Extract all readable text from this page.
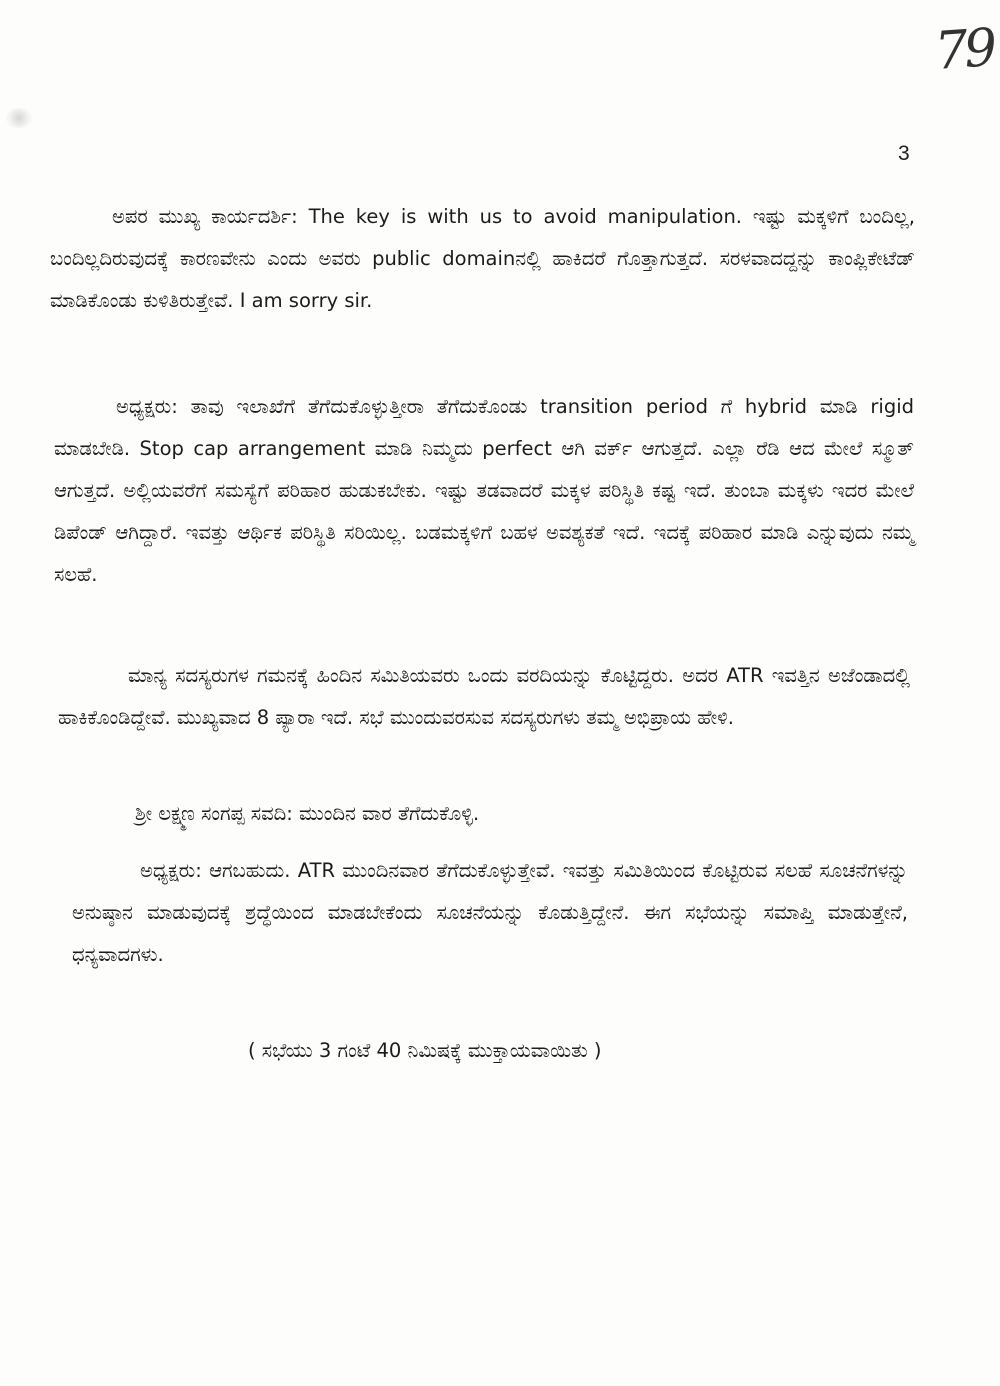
79
3

ಅಪರ ಮುಖ್ಯ ಕಾರ್ಯದರ್ಶಿ: The key is with us to avoid manipulation. ಇಷ್ಟು ಮಕ್ಕಳಿಗೆ ಬಂದಿಲ್ಲ, ಬಂದಿಲ್ಲದಿರುವುದಕ್ಕೆ ಕಾರಣವೇನು ಎಂದು ಅವರು public domainನಲ್ಲಿ ಹಾಕಿದರೆ ಗೊತ್ತಾಗುತ್ತದೆ. ಸರಳವಾದದ್ದನ್ನು ಕಾಂಪ್ಲಿಕೇಟೆಡ್ ಮಾಡಿಕೊಂಡು ಕುಳಿತಿರುತ್ತೇವೆ. I am sorry sir.

ಅಧ್ಯಕ್ಷರು: ತಾವು ಇಲಾಖೆಗೆ ತೆಗೆದುಕೊಳ್ಳುತ್ತೀರಾ ತೆಗೆದುಕೊಂಡು transition period ಗೆ hybrid ಮಾಡಿ rigid ಮಾಡಬೇಡಿ. Stop cap arrangement ಮಾಡಿ ನಿಮ್ಮದು perfect ಆಗಿ ವರ್ಕ್ ಆಗುತ್ತದೆ. ಎಲ್ಲಾ ರೆಡಿ ಆದ ಮೇಲೆ ಸ್ಮೂತ್ ಆಗುತ್ತದೆ. ಅಲ್ಲಿಯವರೆಗೆ ಸಮಸ್ಯೆಗೆ ಪರಿಹಾರ ಹುಡುಕಬೇಕು. ಇಷ್ಟು ತಡವಾದರೆ ಮಕ್ಕಳ ಪರಿಸ್ಥಿತಿ ಕಷ್ಟ ಇದೆ. ತುಂಬಾ ಮಕ್ಕಳು ಇದರ ಮೇಲೆ ಡಿಪೆಂಡ್ ಆಗಿದ್ದಾರೆ. ಇವತ್ತು ಆರ್ಥಿಕ ಪರಿಸ್ಥಿತಿ ಸರಿಯಿಲ್ಲ. ಬಡಮಕ್ಕಳಿಗೆ ಬಹಳ ಅವಶ್ಯಕತೆ ಇದೆ. ಇದಕ್ಕೆ ಪರಿಹಾರ ಮಾಡಿ ಎನ್ನುವುದು ನಮ್ಮ ಸಲಹೆ.

ಮಾನ್ಯ ಸದಸ್ಯರುಗಳ ಗಮನಕ್ಕೆ ಹಿಂದಿನ ಸಮಿತಿಯವರು ಒಂದು ವರದಿಯನ್ನು ಕೊಟ್ಟಿದ್ದರು. ಅದರ ATR ಇವತ್ತಿನ ಅಜೆಂಡಾದಲ್ಲಿ ಹಾಕಿಕೊಂಡಿದ್ದೇವೆ. ಮುಖ್ಯವಾದ 8 ಪ್ಯಾರಾ ಇದೆ. ಸಭೆ ಮುಂದುವರಸುವ ಸದಸ್ಯರುಗಳು ತಮ್ಮ ಅಭಿಪ್ರಾಯ ಹೇಳಿ.

ಶ್ರೀ ಲಕ್ಷ್ಮಣ ಸಂಗಪ್ಪ ಸವದಿ: ಮುಂದಿನ ವಾರ ತೆಗೆದುಕೊಳ್ಳಿ.

ಅಧ್ಯಕ್ಷರು: ಆಗಬಹುದು. ATR ಮುಂದಿನವಾರ ತೆಗೆದುಕೊಳ್ಳುತ್ತೇವೆ. ಇವತ್ತು ಸಮಿತಿಯಿಂದ ಕೊಟ್ಟಿರುವ ಸಲಹೆ ಸೂಚನೆಗಳನ್ನು ಅನುಷ್ಠಾನ ಮಾಡುವುದಕ್ಕೆ ಶ್ರದ್ಧೆಯಿಂದ ಮಾಡಬೇಕೆಂದು ಸೂಚನೆಯನ್ನು ಕೊಡುತ್ತಿದ್ದೇನೆ. ಈಗ ಸಭೆಯನ್ನು ಸಮಾಪ್ತಿ ಮಾಡುತ್ತೇನೆ, ಧನ್ಯವಾದಗಳು.

( ಸಭೆಯು 3 ಗಂಟೆ 40 ನಿಮಿಷಕ್ಕೆ ಮುಕ್ತಾಯವಾಯಿತು )
